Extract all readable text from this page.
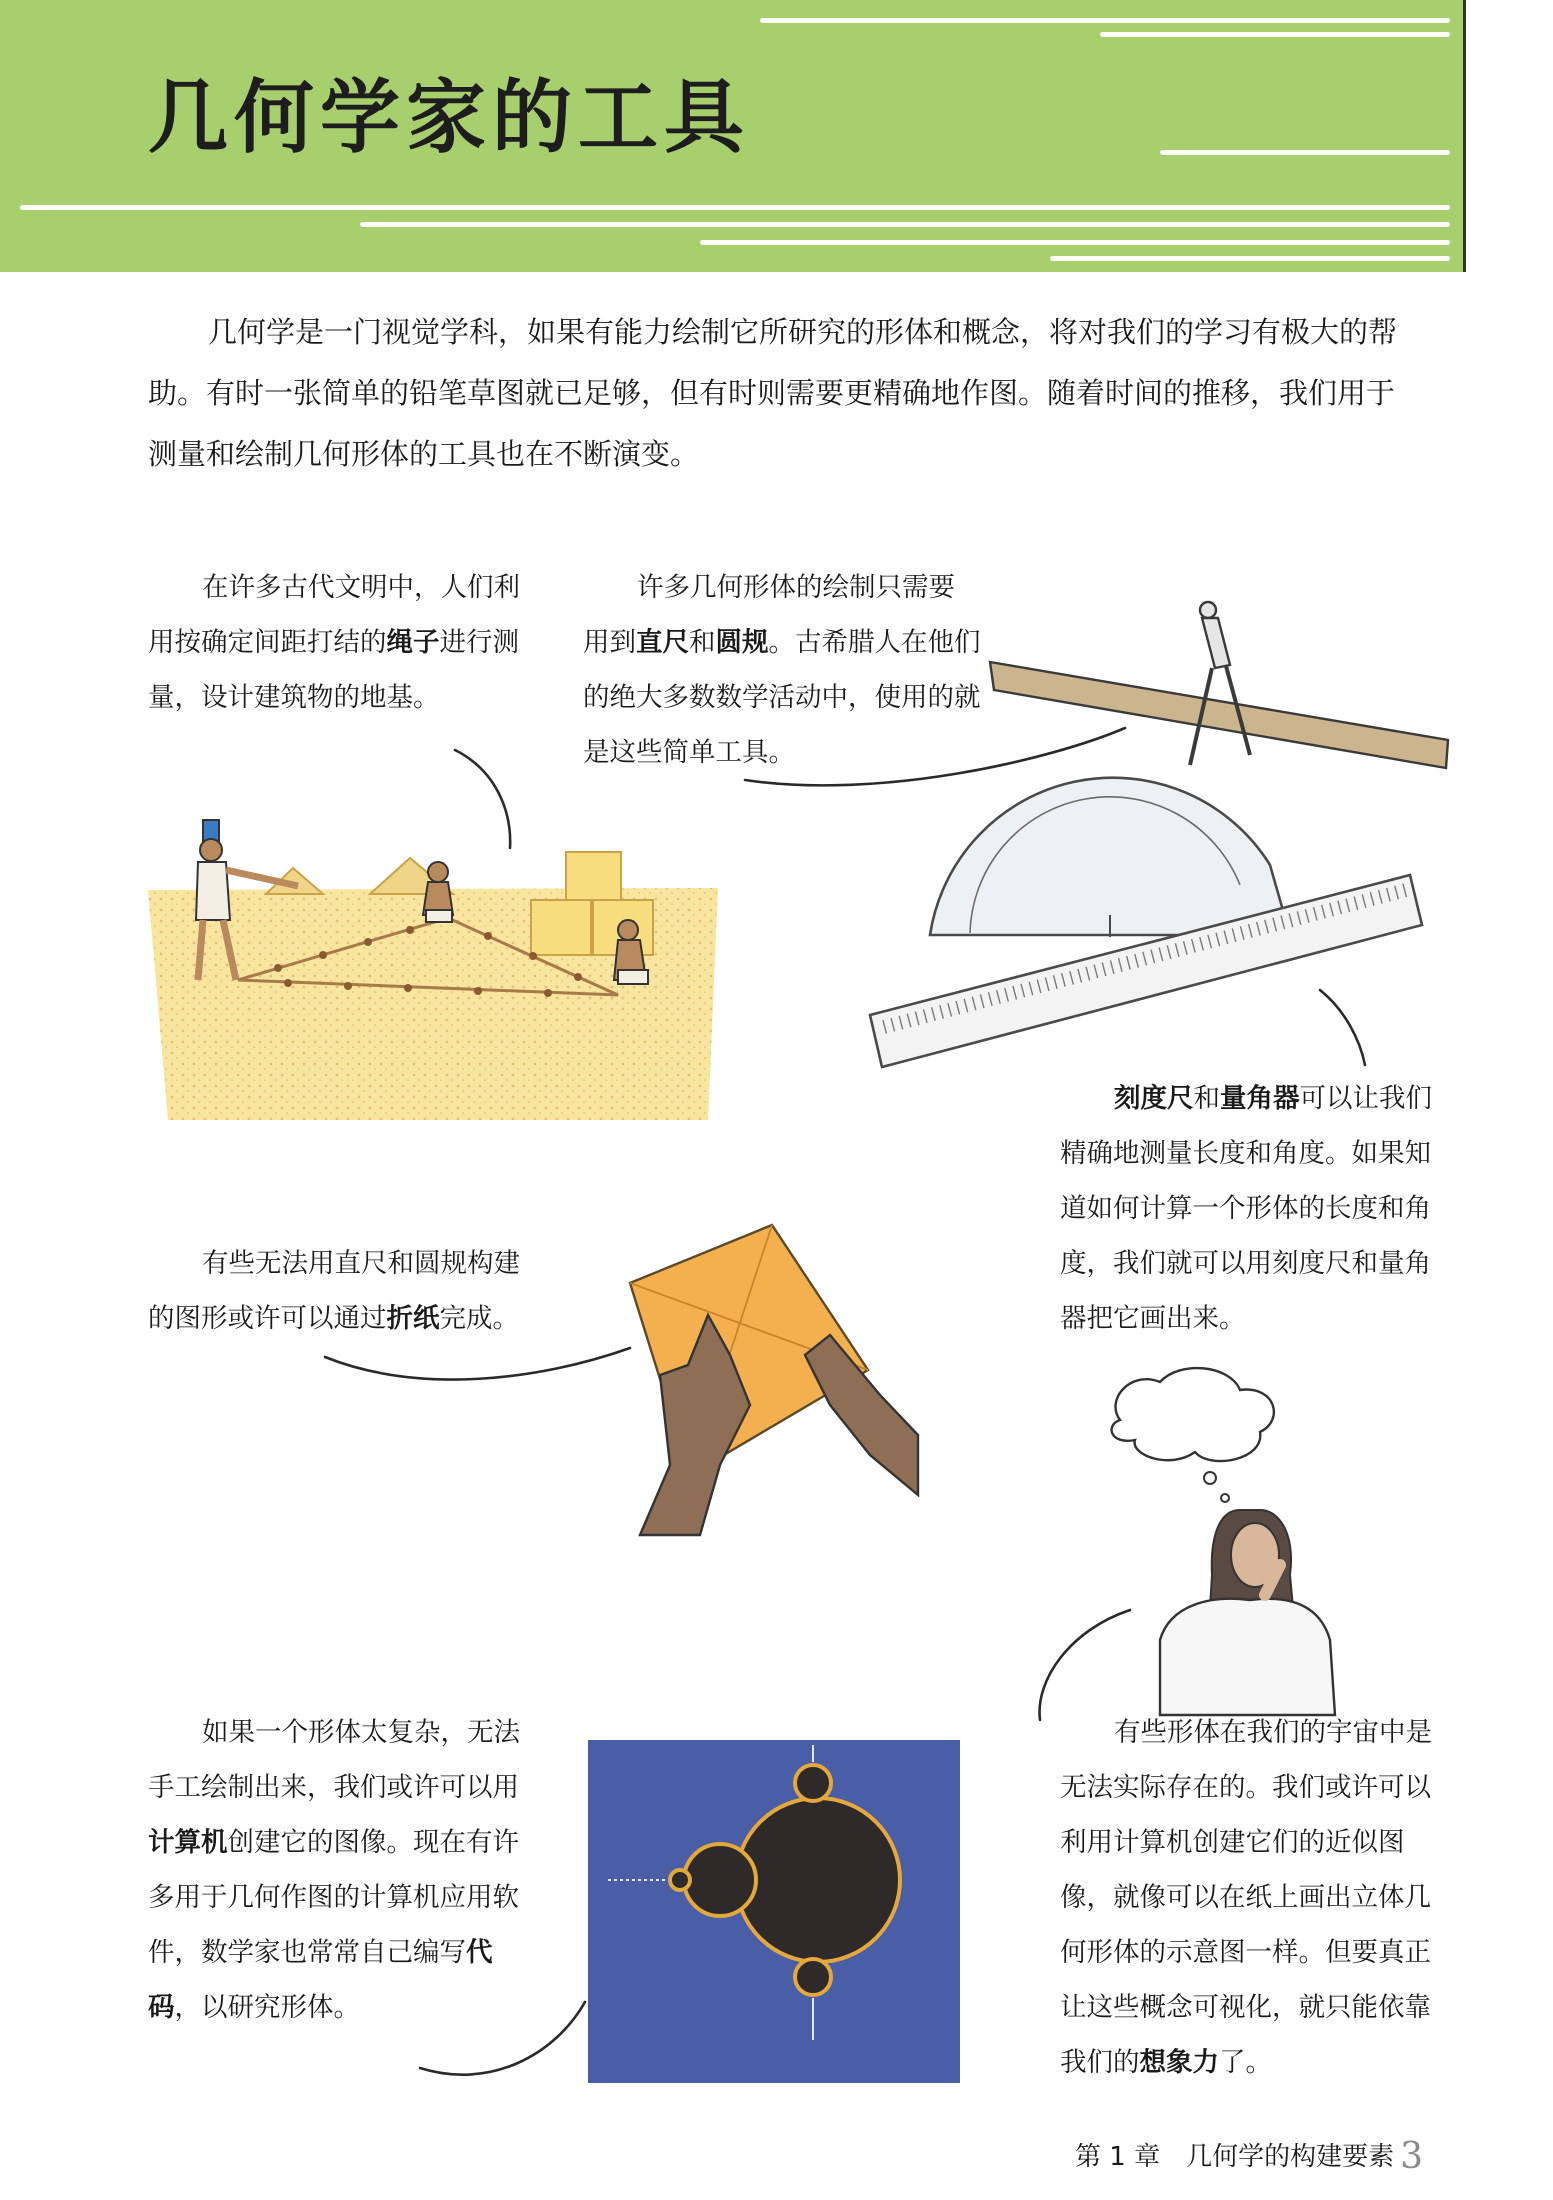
几何学家的工具

几何学是一门视觉学科，如果有能力绘制它所研究的形体和概念，将对我们的学习有极大的帮助。有时一张简单的铅笔草图就已足够，但有时则需要更精确地作图。随着时间的推移，我们用于测量和绘制几何形体的工具也在不断演变。

在许多古代文明中，人们利用按确定间距打结的绳子进行测量，设计建筑物的地基。

许多几何形体的绘制只需要用到直尺和圆规。古希腊人在他们的绝大多数数学活动中，使用的就是这些简单工具。

刻度尺和量角器可以让我们精确地测量长度和角度。如果知道如何计算一个形体的长度和角度，我们就可以用刻度尺和量角器把它画出来。

有些无法用直尺和圆规构建的图形或许可以通过折纸完成。

如果一个形体太复杂，无法手工绘制出来，我们或许可以用计算机创建它的图像。现在有许多用于几何作图的计算机应用软件，数学家也常常自己编写代码，以研究形体。

有些形体在我们的宇宙中是无法实际存在的。我们或许可以利用计算机创建它们的近似图像，就像可以在纸上画出立体几何形体的示意图一样。但要真正让这些概念可视化，就只能依靠我们的想象力了。

第 1 章 几何学的构建要素 3
